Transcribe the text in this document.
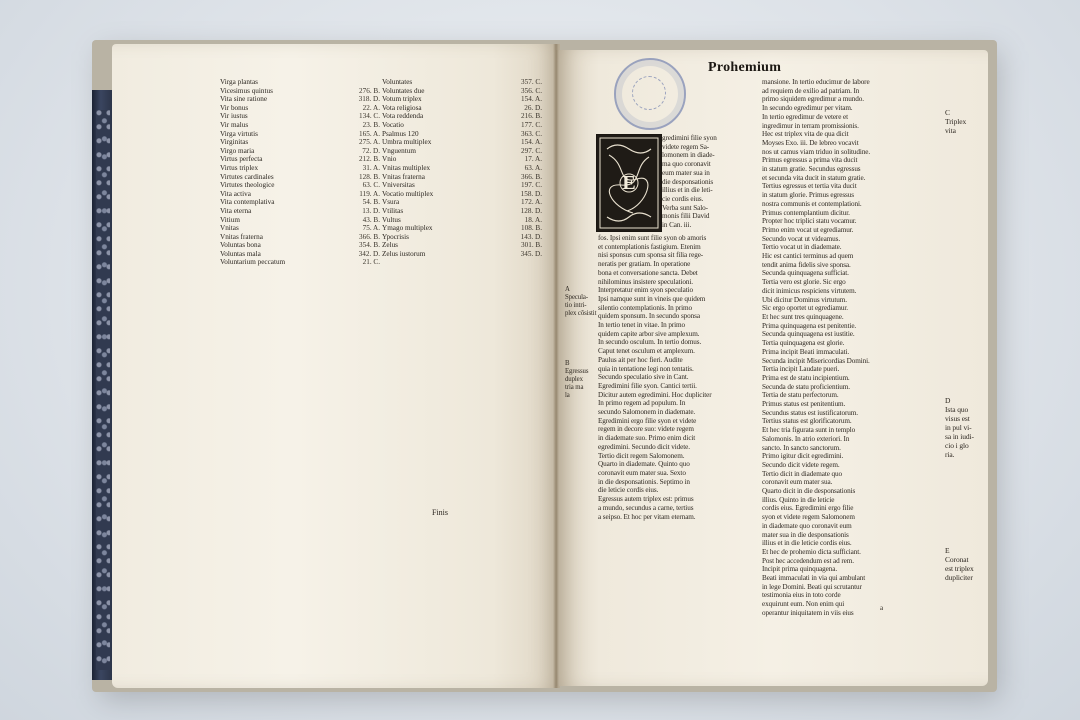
Virga plantas
Vicesimus quintus	276. B.
Vita sine ratione	318. D.
Vir bonus	22. A.
Vir iustus	134. C.
Vir malus	23. B.
Virga virtutis	165. A.
Virginitas	275. A.
Virgo maria	72. D.
Virtus perfecta	212. B.
Virtus triplex	31. A.
Virtutes cardinales	128. B.
Virtutes theologice	63. C.
Vita activa	119. A.
Vita contemplativa	54. B.
Vita eterna	13. D.
Vitium	43. B.
Vnitas	75. A.
Vnitas fraterna	366. B.
Voluntas bona	354. B.
Voluntas mala	342. D.
Voluntarium peccatum	21. C.
Voluntates	357. C.
Voluntates due	356. C.
Votum triplex	154. A.
Vota religiosa	26. D.
Vota reddenda	216. B.
Vocatio	177. C.
Psalmus 120	363. C.
Umbra multiplex	154. A.
Vnguentum	297. C.
Vnio	17. A.
Vnitas multiplex	63. A.
Vnitas fraterna	366. B.
Vniversitas	197. C.
Vocatio multiplex	158. D.
Vsura	172. A.
Vtilitas	128. D.
Vultus	18. A.
Ymago multiplex	108. B.
Ypocrisis	143. D.
Zelus	301. B.
Zelus iustorum	345. D.
Finis
Prohemium
E
gredimini filie syon
videte regem Sa-
lomonem in diade-
ma quo coronavit
eum mater sua in
die desponsationis
illius et in die leti-
cie cordis eius.
Verba sunt Salo-
monis filii David
in Can. iii.
fos. Ipsi enim sunt filie syon ob amoris
et contemplationis fastigium. Etenim
nisi sponsus cum sponsa sit filia rege-
neratis per gratiam. In operatione
bona et conversatione sancta. Debet
nihilominus insistere speculationi.
Interpretatur enim syon speculatio
Ipsi namque sunt in vineis que quidem
silentio contemplationis. In primo
quidem sponsum. In secundo sponsa
In tertio tenet in vitae. In primo
quidem capite arbor sive amplexum.
In secundo osculum. In tertio domus.
Caput tenet osculum et amplexum.
Paulus ait per hoc fieri. Audite
quia in tentatione legi non tentatis.
Secundo speculatio sive in Cant.
Egredimini filie syon. Cantici tertii.
Dicitur autem egredimini. Hoc dupliciter
In primo regem ad populum. In
secundo Salomonem in diademate.
Egredimini ergo filie syon et videte
regem in decore suo: videte regem
in diademate suo. Primo enim dicit
egredimini. Secundo dicit videte.
Tertio dicit regem Salomonem.
Quarto in diademate. Quinto quo
coronavit eum mater sua. Sexto
in die desponsationis. Septimo in
die leticie cordis eius.
Egressus autem triplex est: primus
a mundo, secundus a carne, tertius
a seipso. Et hoc per vitam eternam.
mansione. In tertio educimur de labore
ad requiem de exilio ad patriam. In
primo siquidem egredimur a mundo.
In secundo egredimur per vitam.
In tertio egredimur de vetere et
ingredimur in terram promissionis.
Hec est triplex vita de qua dicit
Moyses Exo. iii. De lebreo vocavit
nos ut camus viam triduo in solitudine.
Primus egressus a prima vita ducit
in statum gratie. Secundus egressus
et secunda vita ducit in statum gratie.
Tertius egressus et tertia vita ducit
in statum glorie. Primus egressus
nostra communis et contemplationi.
Primus contemplantium dicitur.
Propter hoc triplici statu vocamur.
Primo enim vocat ut egrediamur.
Secundo vocat ut videamus.
Tertio vocat ut in diademate.
Hic est cantici terminus ad quem
tendit anima fidelis sive sponsa.
Secunda quinquagena sufficiat.
Tertia vero est glorie. Sic ergo
dicit inimicus respiciens virtutem.
Ubi dicitur Dominus virtutum.
Sic ergo oportet ut egrediamur.
Et hec sunt tres quinquagene.
Prima quinquagena est penitentie.
Secunda quinquagena est iustitie.
Tertia quinquagena est glorie.
Prima incipit Beati immaculati.
Secunda incipit Misericordias Domini.
Tertia incipit Laudate pueri.
Prima est de statu incipientium.
Secunda de statu proficientium.
Tertia de statu perfectorum.
Primus status est penitentium.
Secundus status est iustificatorum.
Tertius status est glorificatorum.
Et hec tria figurata sunt in templo
Salomonis. In atrio exteriori. In
sancto. In sancto sanctorum.
Primo igitur dicit egredimini.
Secundo dicit videte regem.
Tertio dicit in diademate quo
coronavit eum mater sua.
Quarto dicit in die desponsationis
illius. Quinto in die leticie
cordis eius. Egredimini ergo filie
syon et videte regem Salomonem
in diademate quo coronavit eum
mater sua in die desponsationis
illius et in die leticie cordis eius.
Et hec de prohemio dicta sufficiant.
Post hec accedendum est ad rem.
Incipit prima quinquagena.
Beati immaculati in via qui ambulant
in lege Domini. Beati qui scrutantur
testimonia eius in toto corde
exquirunt eum. Non enim qui
operantur iniquitatem in viis eius
C
Triplex
vita
A
Specula-
tio intri-
plex cōsistit
B
Egressus
duplex
tria ma
la
D
Ista quo
visus est
in pul vi-
sa in iudi-
cio i glo
ria.
E
Coronat
est triplex
dupliciter
a
